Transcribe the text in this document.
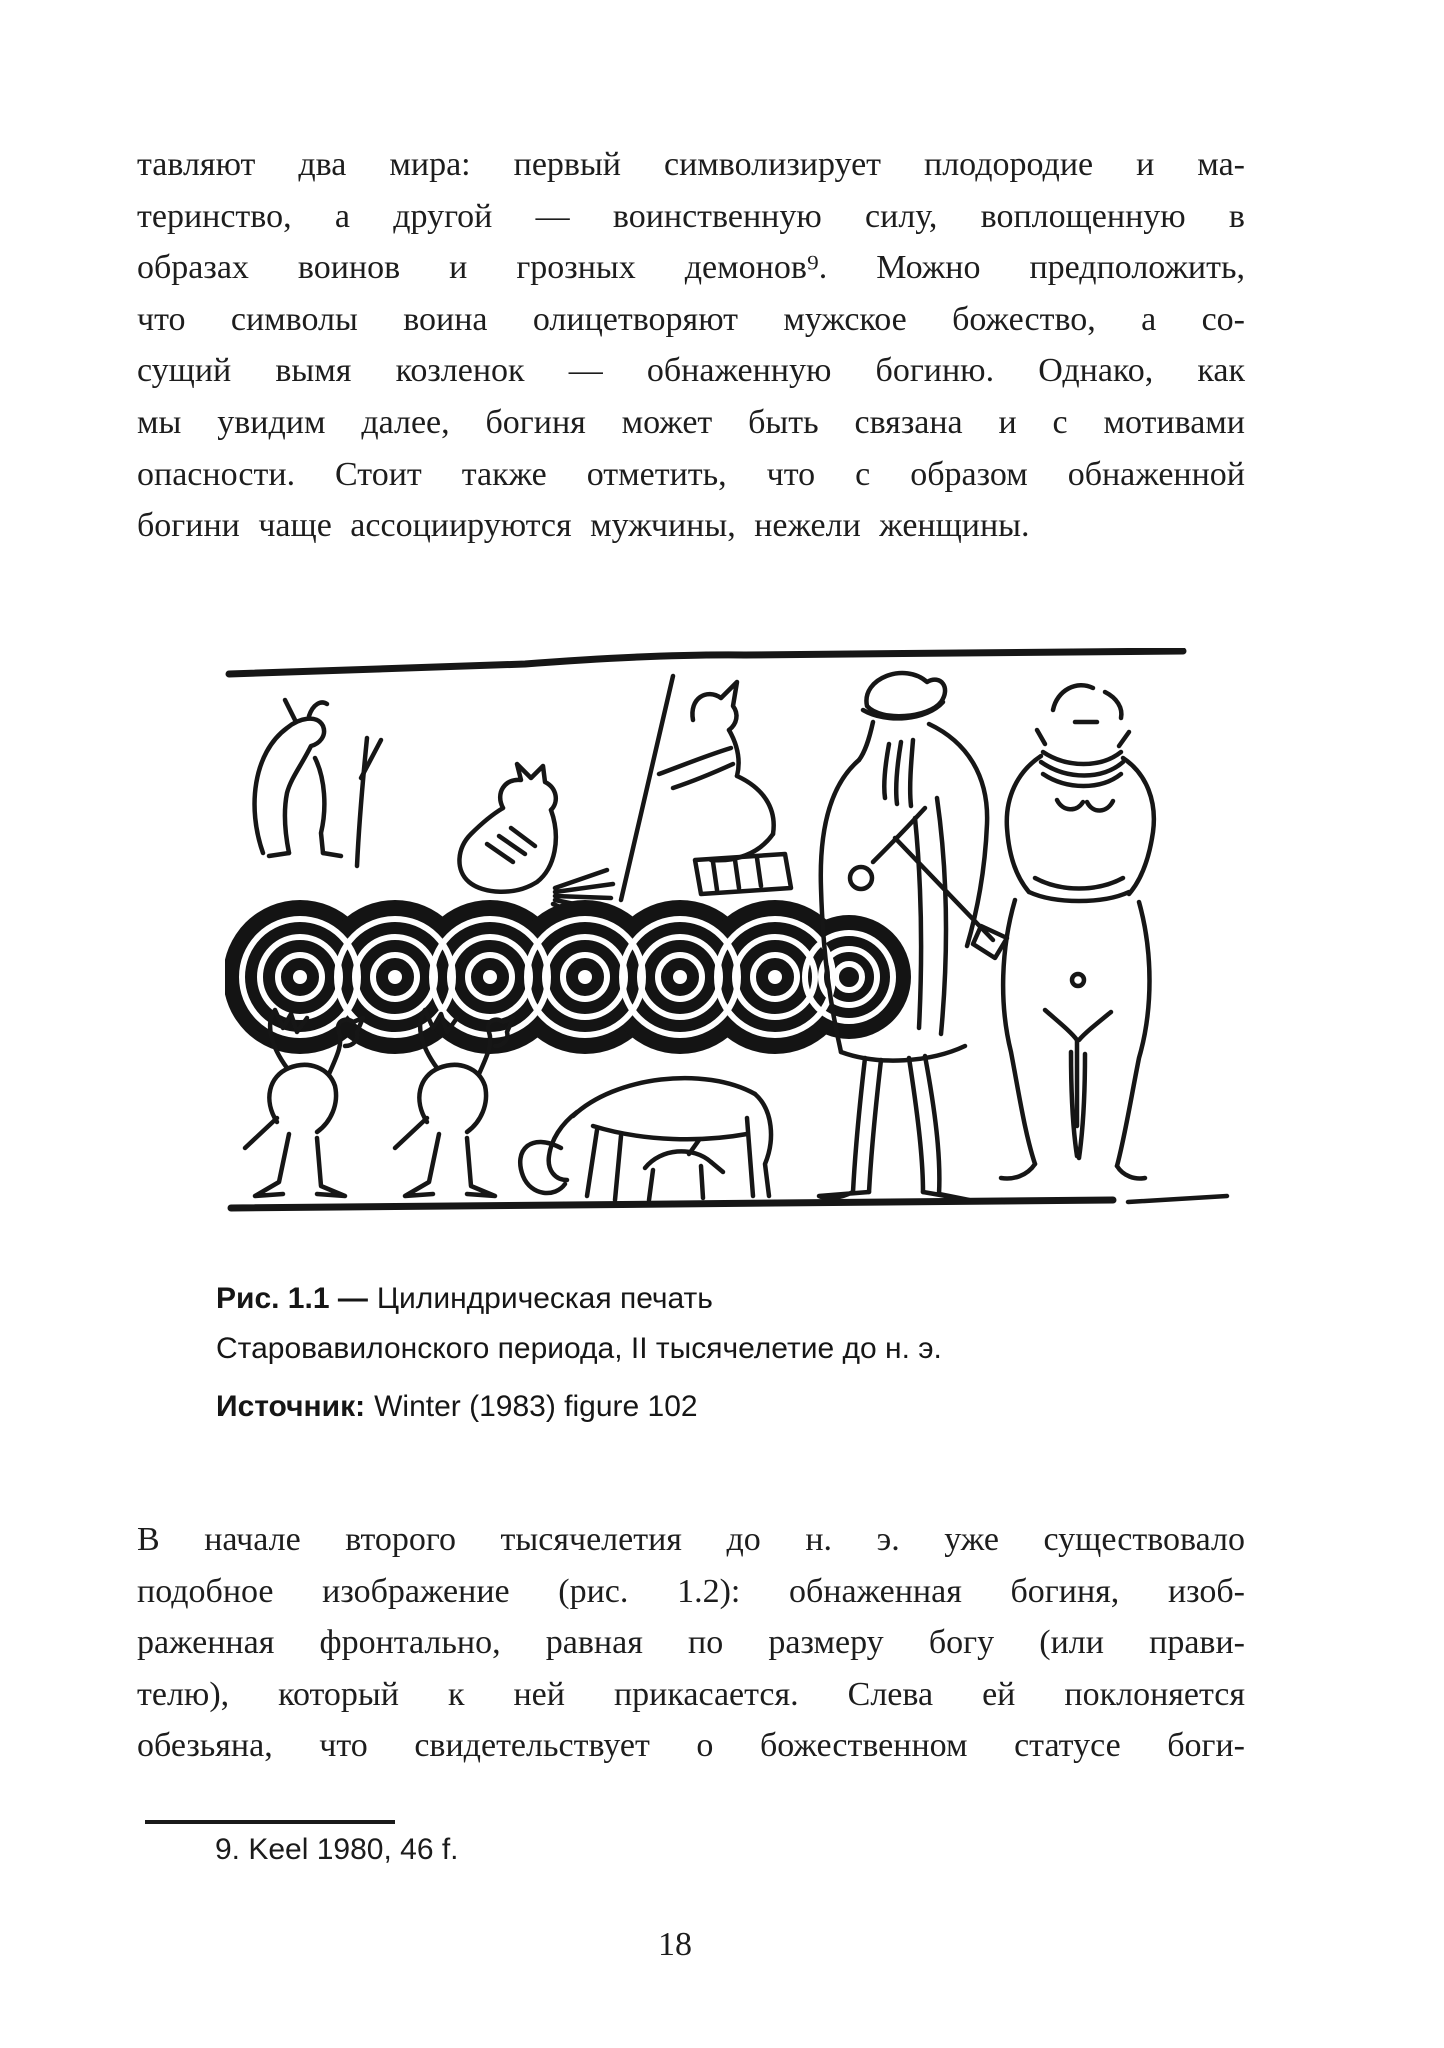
тавляют два мира: первый символизирует плодородие и ма-
теринство, а другой — воинственную силу, воплощенную в
образах воинов и грозных демонов⁹. Можно предположить,
что символы воина олицетворяют мужское божество, а со-
сущий вымя козленок — обнаженную богиню. Однако, как
мы увидим далее, богиня может быть связана и с мотивами
опасности. Стоит также отметить, что с образом обнаженной
богини чаще ассоциируются мужчины, нежели женщины.
Рис. 1.1 — Цилиндрическая печать
Старовавилонского периода, II тысячелетие до н. э.
Источник: Winter (1983) figure 102
В начале второго тысячелетия до н. э. уже существовало
подобное изображение (рис. 1.2): обнаженная богиня, изоб-
раженная фронтально, равная по размеру богу (или прави-
телю), который к ней прикасается. Слева ей поклоняется
обезьяна, что свидетельствует о божественном статусе боги-
9. Keel 1980, 46 f.
18
